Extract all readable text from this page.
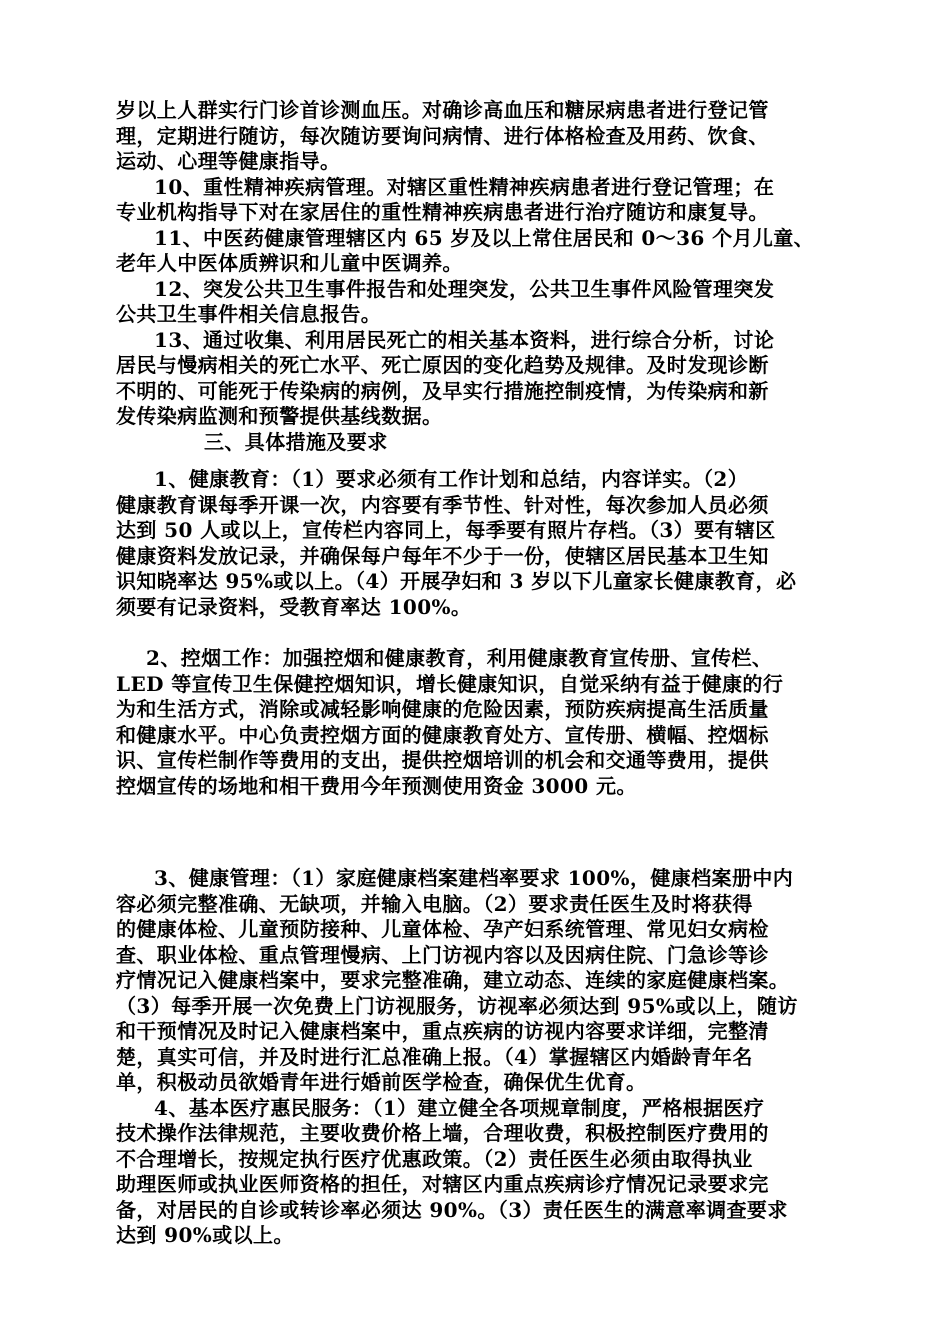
岁以上人群实行门诊首诊测血压。对确诊高血压和糖尿病患者进行登记管
理，定期进行随访，每次随访要询问病情、进行体格检查及用药、饮食、
运动、心理等健康指导。
10、重性精神疾病管理。对辖区重性精神疾病患者进行登记管理；在
专业机构指导下对在家居住的重性精神疾病患者进行治疗随访和康复导。
11、中医药健康管理辖区内 65 岁及以上常住居民和 0～36 个月儿童、
老年人中医体质辨识和儿童中医调养。
12、突发公共卫生事件报告和处理突发，公共卫生事件风险管理突发
公共卫生事件相关信息报告。
13、通过收集、利用居民死亡的相关基本资料，进行综合分析，讨论
居民与慢病相关的死亡水平、死亡原因的变化趋势及规律。及时发现诊断
不明的、可能死于传染病的病例，及早实行措施控制疫情，为传染病和新
发传染病监测和预警提供基线数据。
三、具体措施及要求
1、健康教育：（1）要求必须有工作计划和总结，内容详实。（2）
健康教育课每季开课一次，内容要有季节性、针对性，每次参加人员必须
达到 50 人或以上，宣传栏内容同上，每季要有照片存档。（3）要有辖区
健康资料发放记录，并确保每户每年不少于一份，使辖区居民基本卫生知
识知晓率达 95%或以上。（4）开展孕妇和 3 岁以下儿童家长健康教育，必
须要有记录资料，受教育率达 100%。
2、控烟工作：加强控烟和健康教育，利用健康教育宣传册、宣传栏、
LED 等宣传卫生保健控烟知识，增长健康知识，自觉采纳有益于健康的行
为和生活方式，消除或减轻影响健康的危险因素，预防疾病提高生活质量
和健康水平。中心负责控烟方面的健康教育处方、宣传册、横幅、控烟标
识、宣传栏制作等费用的支出，提供控烟培训的机会和交通等费用，提供
控烟宣传的场地和相干费用今年预测使用资金 3000 元。
3、健康管理：（1）家庭健康档案建档率要求 100%，健康档案册中内
容必须完整准确、无缺项，并输入电脑。（2）要求责任医生及时将获得
的健康体检、儿童预防接种、儿童体检、孕产妇系统管理、常见妇女病检
查、职业体检、重点管理慢病、上门访视内容以及因病住院、门急诊等诊
疗情况记入健康档案中，要求完整准确，建立动态、连续的家庭健康档案。
（3）每季开展一次免费上门访视服务，访视率必须达到 95%或以上，随访
和干预情况及时记入健康档案中，重点疾病的访视内容要求详细，完整清
楚，真实可信，并及时进行汇总准确上报。（4）掌握辖区内婚龄青年名
单，积极动员欲婚青年进行婚前医学检查，确保优生优育。
4、基本医疗惠民服务：（1）建立健全各项规章制度，严格根据医疗
技术操作法律规范，主要收费价格上墙，合理收费，积极控制医疗费用的
不合理增长，按规定执行医疗优惠政策。（2）责任医生必须由取得执业
助理医师或执业医师资格的担任，对辖区内重点疾病诊疗情况记录要求完
备，对居民的自诊或转诊率必须达 90%。（3）责任医生的满意率调查要求
达到 90%或以上。
